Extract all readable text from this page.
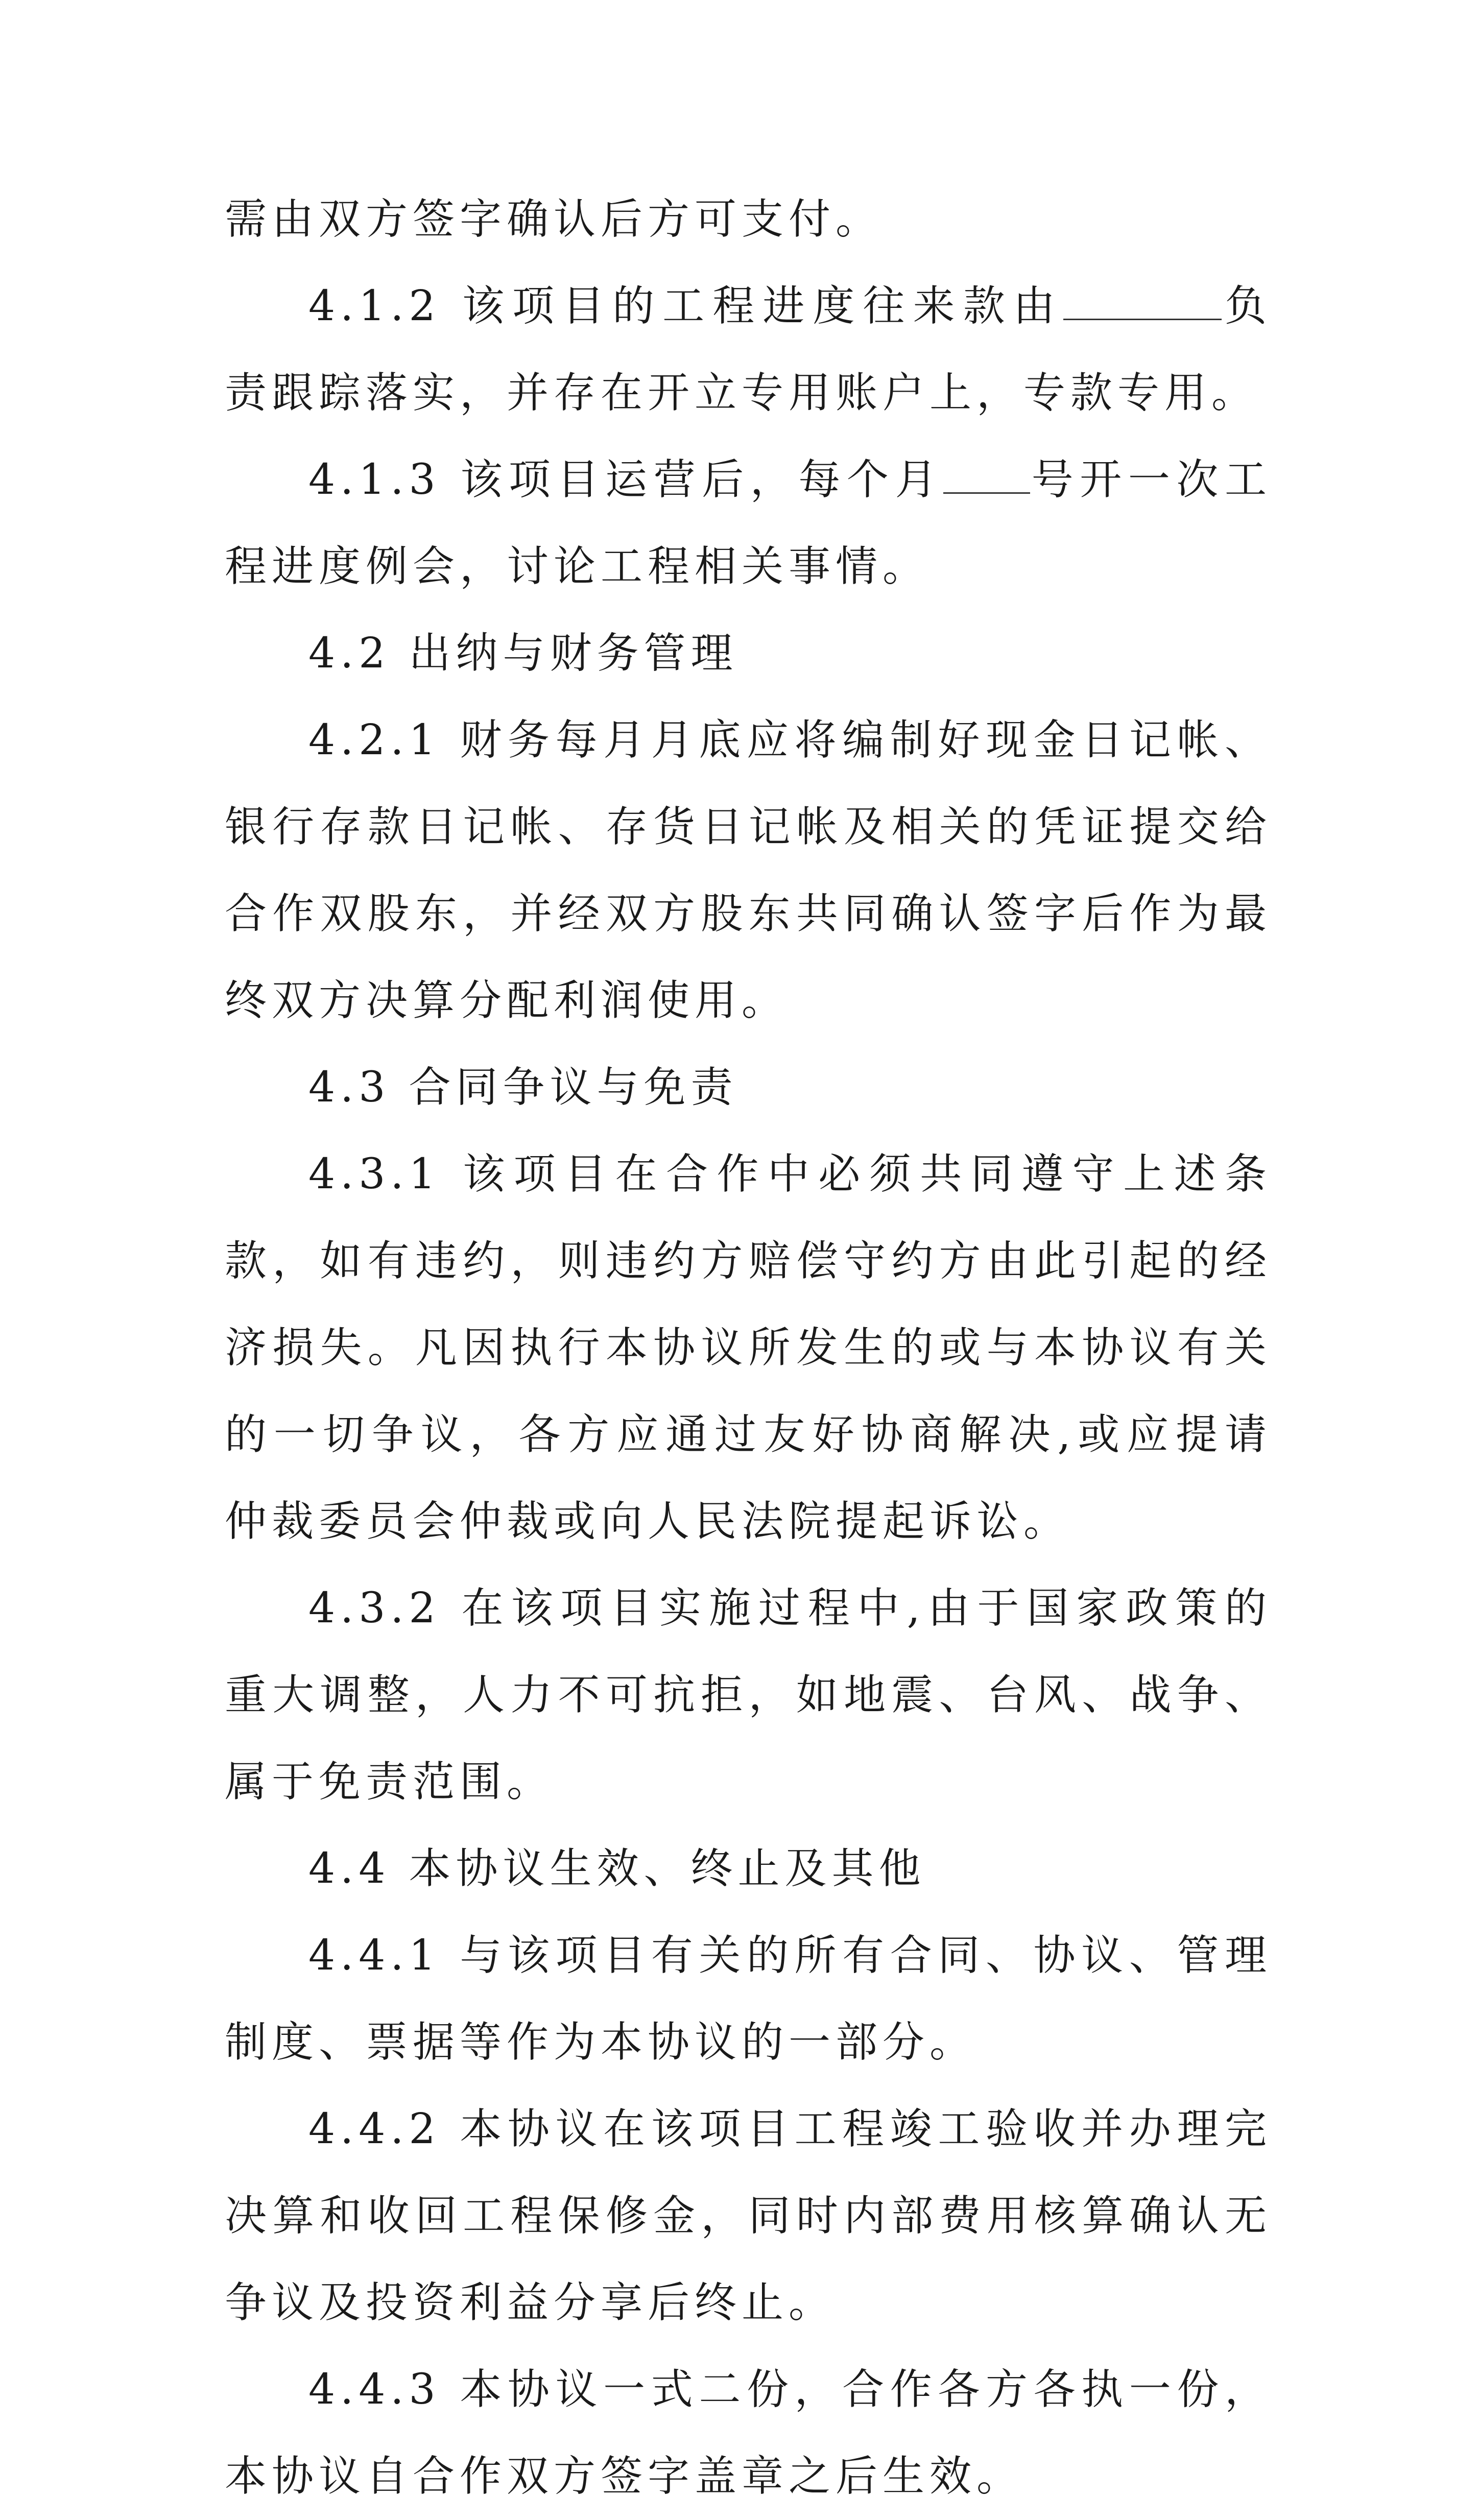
需由双方签字确认后方可支付。

4.1.2 该项目的工程进度往来款由	负责跟踪落实，并存在开立专用账户上，专款专用。

4.1.3 该项目运营后，每个月 号开一次工程进度例会，讨论工程相关事情。

4.2 出纳与财务管理

4.2.1 财务每月月底应将编制好现金日记帐、银行存款日记帐、存货日记帐及相关的凭证提交给合作双股东，并经双方股东共同确认签字后作为最终双方决算分配利润使用。

4.3 合同争议与免责

4.3.1 该项目在合作中必须共同遵守上述条款，如有违约，则违约方赔偿守约方由此引起的经济损失。凡因执行本协议所发生的或与本协议有关的一切争议，各方应通过友好协商解决,或应提请仲裁委员会仲裁或向人民法院提起诉讼。

4.3.2 在该项目实施过程中,由于国家政策的重大调整，人力不可抗拒，如地震、台风、战争、属于免责范围。

4.4 本协议生效、终止及其他

4.4.1 与该项目有关的所有合同、协议、管理制度、票据等作为本协议的一部分。

4.4.2 本协议在该项目工程竣工验收并办理完决算和收回工程保修金，同时内部费用核算确认无争议及投资利益分享后终止。

4.4.3 本协议一式二份，合作各方各执一份，本协议自合作双方签字盖章之后生效。
